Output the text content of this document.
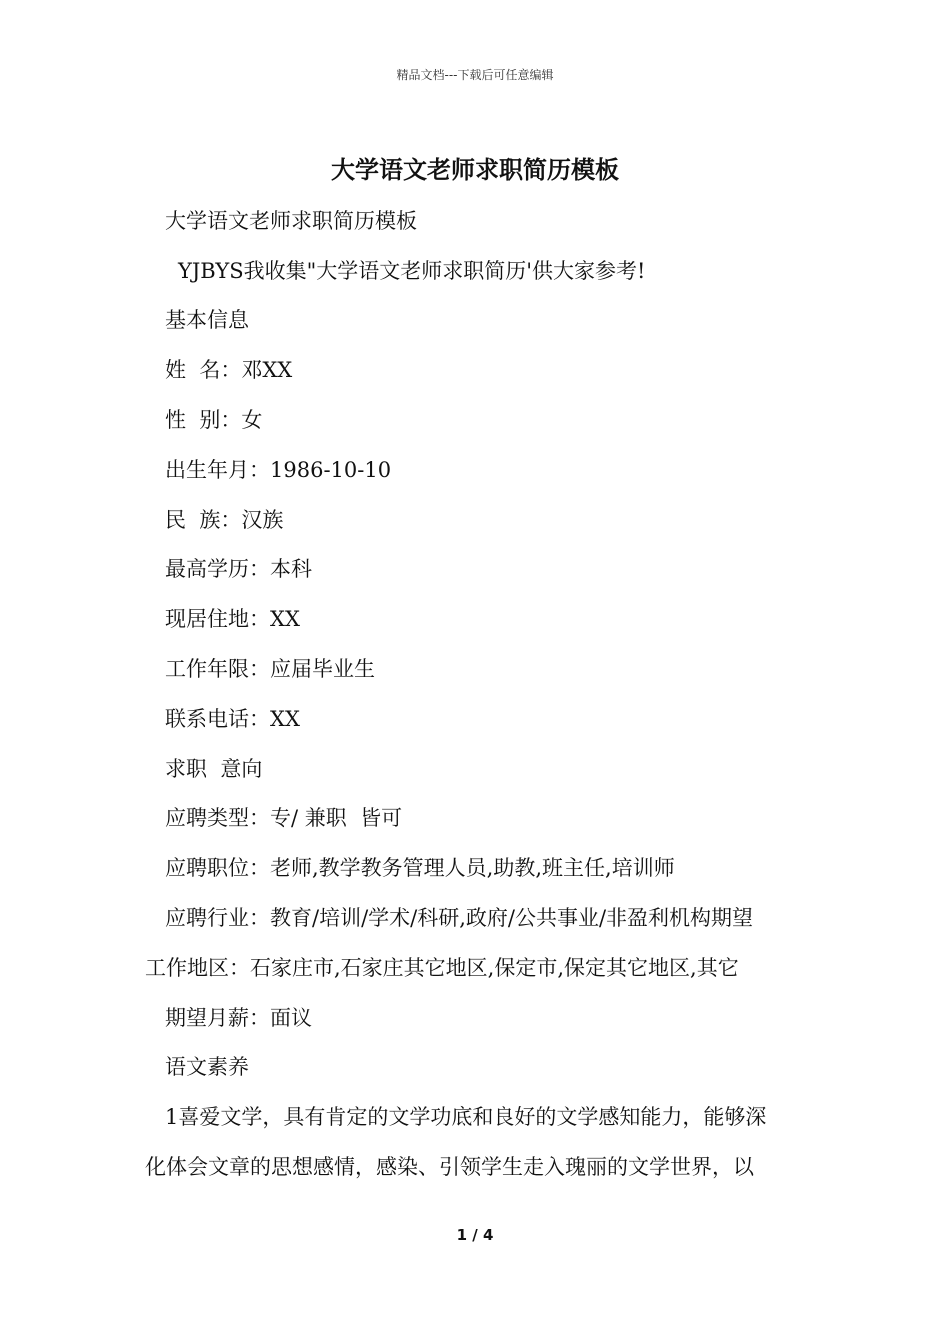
精品文档---下载后可任意编辑
大学语文老师求职简历模板

大学语文老师求职简历模板

YJBYS我收集"大学语文老师求职简历'供大家参考!

基本信息

姓  名：邓XX

性  别：女

出生年月：1986-10-10

民  族：汉族

最高学历：本科

现居住地：XX

工作年限：应届毕业生

联系电话：XX

求职  意向

应聘类型：专/ 兼职  皆可

应聘职位：老师,教学教务管理人员,助教,班主任,培训师

应聘行业：教育/培训/学术/科研,政府/公共事业/非盈利机构期望

工作地区：石家庄市,石家庄其它地区,保定市,保定其它地区,其它

期望月薪：面议

语文素养

1喜爱文学，具有肯定的文学功底和良好的文学感知能力，能够深

化体会文章的思想感情，感染、引领学生走入瑰丽的文学世界，以

1 / 4
